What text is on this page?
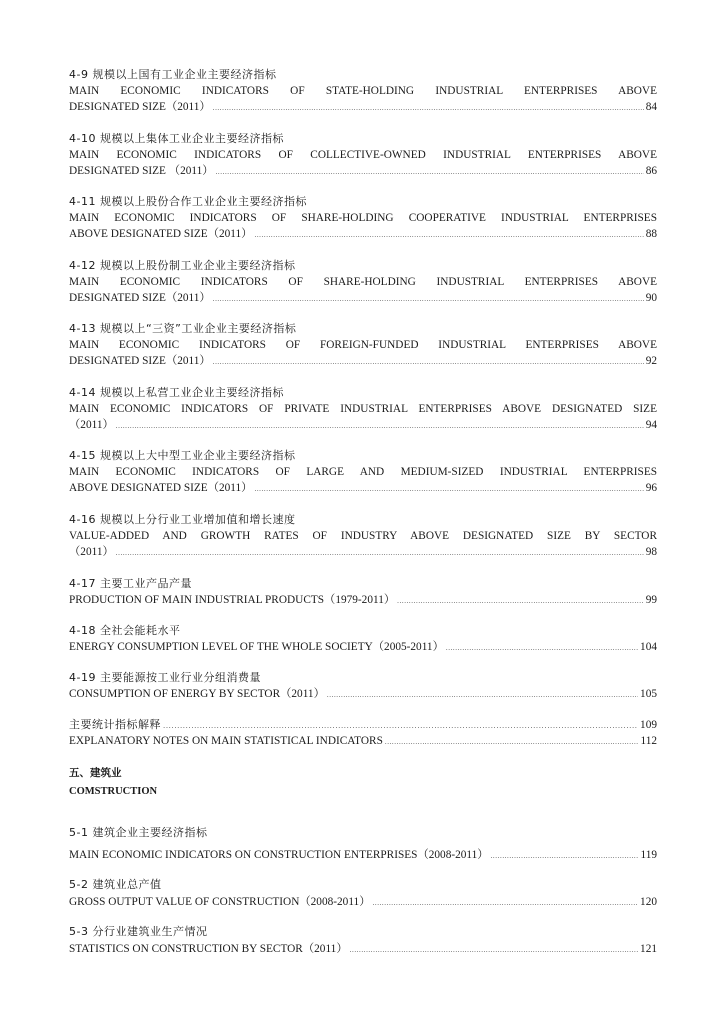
4-9 规模以上国有工业企业主要经济指标
MAIN ECONOMIC INDICATORS OF STATE-HOLDING INDUSTRIAL ENTERPRISES ABOVE
DESIGNATED SIZE（2011） .....	84
4-10 规模以上集体工业企业主要经济指标
MAIN ECONOMIC INDICATORS OF COLLECTIVE-OWNED INDUSTRIAL ENTERPRISES ABOVE
DESIGNATED SIZE （2011） .....	86
4-11 规模以上股份合作工业企业主要经济指标
MAIN ECONOMIC INDICATORS OF SHARE-HOLDING COOPERATIVE INDUSTRIAL ENTERPRISES
ABOVE DESIGNATED SIZE（2011） .....	88
4-12 规模以上股份制工业企业主要经济指标
MAIN ECONOMIC INDICATORS OF SHARE-HOLDING INDUSTRIAL ENTERPRISES ABOVE
DESIGNATED SIZE（2011） .....	90
4-13 规模以上“三资”工业企业主要经济指标
MAIN ECONOMIC INDICATORS OF FOREIGN-FUNDED INDUSTRIAL ENTERPRISES ABOVE
DESIGNATED SIZE（2011） .....	92
4-14 规模以上私营工业企业主要经济指标
MAIN ECONOMIC INDICATORS OF PRIVATE INDUSTRIAL ENTERPRISES ABOVE DESIGNATED SIZE
（2011） .....	94
4-15 规模以上大中型工业企业主要经济指标
MAIN ECONOMIC INDICATORS OF LARGE AND MEDIUM-SIZED INDUSTRIAL ENTERPRISES
ABOVE DESIGNATED SIZE（2011） .....	96
4-16 规模以上分行业工业增加值和增长速度
VALUE-ADDED AND GROWTH RATES OF INDUSTRY ABOVE DESIGNATED SIZE BY SECTOR
（2011） .....	98
4-17 主要工业产品产量
PRODUCTION OF MAIN INDUSTRIAL PRODUCTS（1979-2011） .....	99
4-18 全社会能耗水平
ENERGY CONSUMPTION LEVEL OF THE WHOLE SOCIETY（2005-2011） .....	104
4-19 主要能源按工业行业分组消费量
CONSUMPTION OF ENERGY BY SECTOR（2011） .....	105
主要统计指标解释 .....	109
EXPLANATORY NOTES ON MAIN STATISTICAL INDICATORS .....	112
五、建筑业
COMSTRUCTION
5-1 建筑企业主要经济指标
MAIN ECONOMIC INDICATORS ON CONSTRUCTION ENTERPRISES（2008-2011） .....	119
5-2 建筑业总产值
GROSS OUTPUT VALUE OF CONSTRUCTION（2008-2011） .....	120
5-3 分行业建筑业生产情况
STATISTICS ON CONSTRUCTION BY SECTOR（2011） .....	121
